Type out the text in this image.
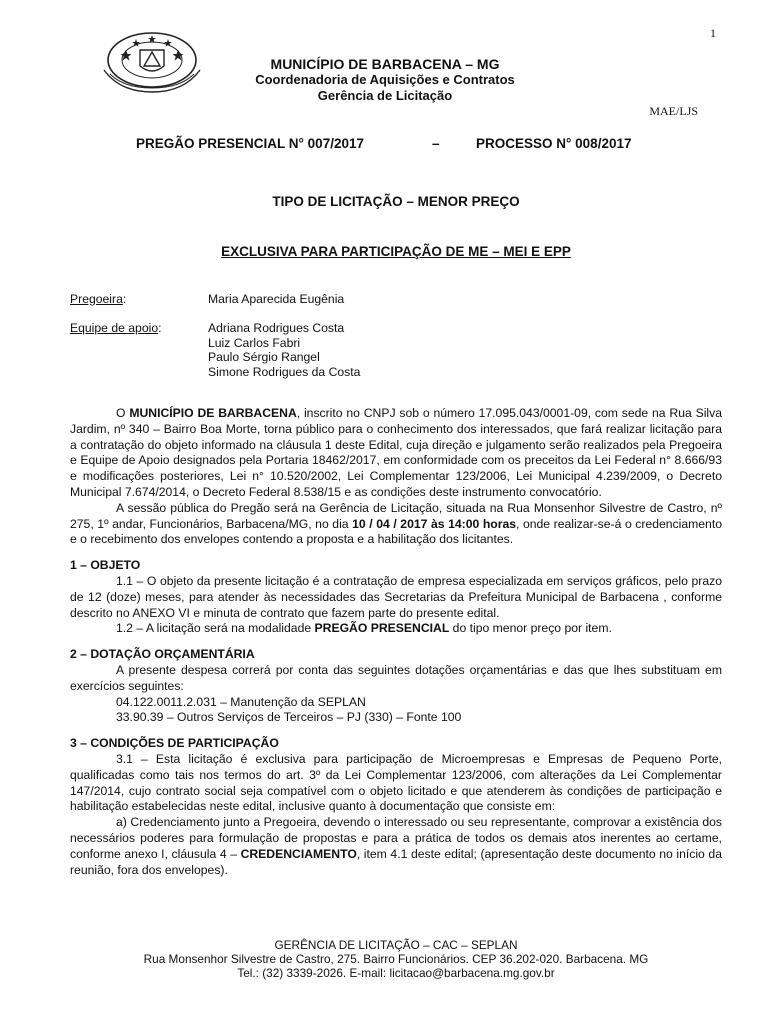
1
MUNICÍPIO DE BARBACENA – MG
Coordenadoria de Aquisições e Contratos
Gerência de Licitação
MAE/LJS
PREGÃO PRESENCIAL N° 007/2017	–	PROCESSO N° 008/2017
TIPO DE LICITAÇÃO – MENOR PREÇO
EXCLUSIVA PARA PARTICIPAÇÃO DE ME – MEI E EPP
Pregoeira:	Maria Aparecida Eugênia
Equipe de apoio:	Adriana Rodrigues Costa
Luiz Carlos Fabri
Paulo Sérgio Rangel
Simone Rodrigues da Costa

O MUNICÍPIO DE BARBACENA, inscrito no CNPJ sob o número 17.095.043/0001-09, com sede na Rua Silva Jardim, nº 340 – Bairro Boa Morte, torna público para o conhecimento dos interessados, que fará realizar licitação para a contratação do objeto informado na cláusula 1 deste Edital, cuja direção e julgamento serão realizados pela Pregoeira e Equipe de Apoio designados pela Portaria 18462/2017, em conformidade com os preceitos da Lei Federal n° 8.666/93 e modificações posteriores, Lei n° 10.520/2002, Lei Complementar 123/2006, Lei Municipal 4.239/2009, o Decreto Municipal 7.674/2014, o Decreto Federal 8.538/15 e as condições deste instrumento convocatório.

A sessão pública do Pregão será na Gerência de Licitação, situada na Rua Monsenhor Silvestre de Castro, nº 275, 1º andar, Funcionários, Barbacena/MG, no dia 10 / 04 / 2017 às 14:00 horas, onde realizar-se-á o credenciamento e o recebimento dos envelopes contendo a proposta e a habilitação dos licitantes.

1 – OBJETO

1.1 – O objeto da presente licitação é a contratação de empresa especializada em serviços gráficos, pelo prazo de 12 (doze) meses, para atender às necessidades das Secretarias da Prefeitura Municipal de Barbacena , conforme descrito no ANEXO VI e minuta de contrato que fazem parte do presente edital.

1.2 – A licitação será na modalidade PREGÃO PRESENCIAL do tipo menor preço por item.

2 – DOTAÇÃO ORÇAMENTÁRIA

A presente despesa correrá por conta das seguintes dotações orçamentárias e das que lhes substituam em exercícios seguintes:

04.122.0011.2.031 – Manutenção da SEPLAN

33.90.39 – Outros Serviços de Terceiros – PJ (330) – Fonte 100

3 – CONDIÇÕES DE PARTICIPAÇÃO

3.1 – Esta licitação é exclusiva para participação de Microempresas e Empresas de Pequeno Porte, qualificadas como tais nos termos do art. 3º da Lei Complementar 123/2006, com alterações da Lei Complementar 147/2014, cujo contrato social seja compatível com o objeto licitado e que atenderem às condições de participação e habilitação estabelecidas neste edital, inclusive quanto à documentação que consiste em:

a) Credenciamento junto a Pregoeira, devendo o interessado ou seu representante, comprovar a existência dos necessários poderes para formulação de propostas e para a prática de todos os demais atos inerentes ao certame, conforme anexo I, cláusula 4 – CREDENCIAMENTO, item 4.1 deste edital; (apresentação deste documento no início da reunião, fora dos envelopes).

GERÊNCIA DE LICITAÇÃO – CAC – SEPLAN
Rua Monsenhor Silvestre de Castro, 275. Bairro Funcionários. CEP 36.202-020. Barbacena. MG
Tel.: (32) 3339-2026. E-mail: licitacao@barbacena.mg.gov.br
